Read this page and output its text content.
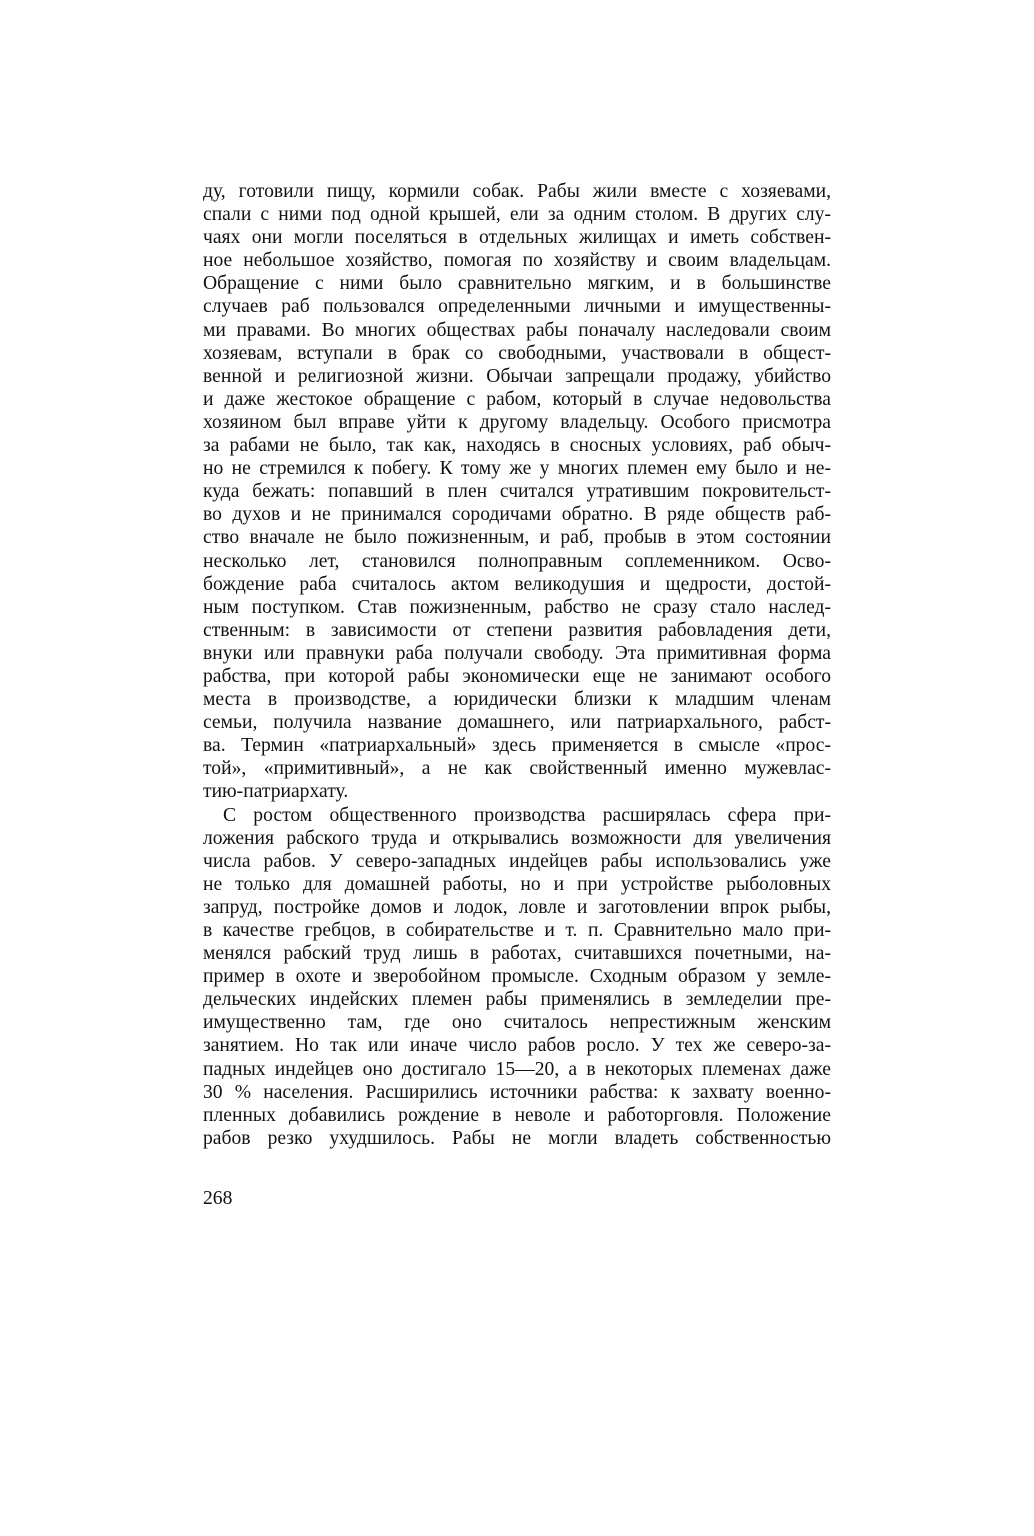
ду, готовили пищу, кормили собак. Рабы жили вместе с хозяевами,
спали с ними под одной крышей, ели за одним столом. В других слу-
чаях они могли поселяться в отдельных жилищах и иметь собствен-
ное небольшое хозяйство, помогая по хозяйству и своим владельцам.
Обращение с ними было сравнительно мягким, и в большинстве
случаев раб пользовался определенными личными и имущественны-
ми правами. Во многих обществах рабы поначалу наследовали своим
хозяевам, вступали в брак со свободными, участвовали в общест-
венной и религиозной жизни. Обычаи запрещали продажу, убийство
и даже жестокое обращение с рабом, который в случае недовольства
хозяином был вправе уйти к другому владельцу. Особого присмотра
за рабами не было, так как, находясь в сносных условиях, раб обыч-
но не стремился к побегу. К тому же у многих племен ему было и не-
куда бежать: попавший в плен считался утратившим покровительст-
во духов и не принимался сородичами обратно. В ряде обществ раб-
ство вначале не было пожизненным, и раб, пробыв в этом состоянии
несколько лет, становился полноправным соплеменником. Осво-
бождение раба считалось актом великодушия и щедрости, достой-
ным поступком. Став пожизненным, рабство не сразу стало наслед-
ственным: в зависимости от степени развития рабовладения дети,
внуки или правнуки раба получали свободу. Эта примитивная форма
рабства, при которой рабы экономически еще не занимают особого
места в производстве, а юридически близки к младшим членам
семьи, получила название домашнего, или патриархального, рабст-
ва. Термин «патриархальный» здесь применяется в смысле «прос-
той», «примитивный», а не как свойственный именно мужевлас-
тию-патриархату.
С ростом общественного производства расширялась сфера при-
ложения рабского труда и открывались возможности для увеличения
числа рабов. У северо-западных индейцев рабы использовались уже
не только для домашней работы, но и при устройстве рыболовных
запруд, постройке домов и лодок, ловле и заготовлении впрок рыбы,
в качестве гребцов, в собирательстве и т. п. Сравнительно мало при-
менялся рабский труд лишь в работах, считавшихся почетными, на-
пример в охоте и зверобойном промысле. Сходным образом у земле-
дельческих индейских племен рабы применялись в земледелии пре-
имущественно там, где оно считалось непрестижным женским
занятием. Но так или иначе число рабов росло. У тех же северо-за-
падных индейцев оно достигало 15—20, а в некоторых племенах даже
30 % населения. Расширились источники рабства: к захвату военно-
пленных добавились рождение в неволе и работорговля. Положение
рабов резко ухудшилось. Рабы не могли владеть собственностью
268
